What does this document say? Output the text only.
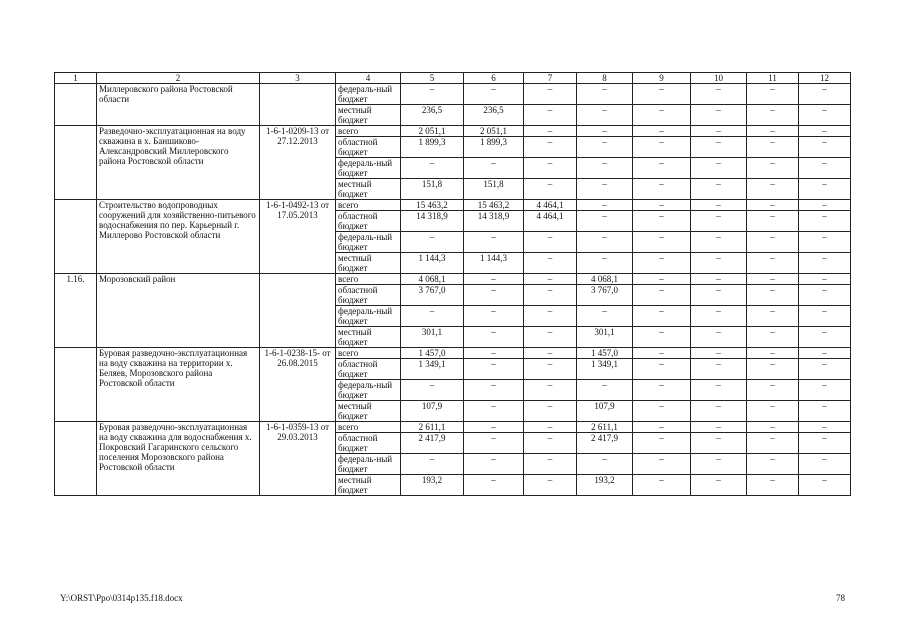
1	2	3	4	5	6	7	8	9	10	11	12
	Миллеровского района Ростовской области		федераль-ный бюджет	–	–	–	–	–	–	–	–
			местный бюджет	236,5	236,5	–	–	–	–	–	–
	Разведочно-эксплуатационная на воду скважина в х. Баншиково-Александровский Миллеровского района Ростовской области	1-6-1-0209-13 от 27.12.2013	всего	2 051,1	2 051,1	–	–	–	–	–	–
			областной бюджет	1 899,3	1 899,3	–	–	–	–	–	–
			федераль-ный бюджет	–	–	–	–	–	–	–	–
			местный бюджет	151,8	151,8	–	–	–	–	–	–
	Строительство водопроводных сооружений для хозяйственно-питьевого водоснабжения по пер. Карьерный г. Миллерово Ростовской области	1-6-1-0492-13 от 17.05.2013	всего	15 463,2	15 463,2	4 464,1	–	–	–	–	–
			областной бюджет	14 318,9	14 318,9	4 464,1	–	–	–	–	–
			федераль-ный бюджет	–	–	–	–	–	–	–	–
			местный бюджет	1 144,3	1 144,3	–	–	–	–	–	–
1.16.	Морозовский район		всего	4 068,1	–	–	4 068,1	–	–	–	–
			областной бюджет	3 767,0	–	–	3 767,0	–	–	–	–
			федераль-ный бюджет	–	–	–	–	–	–	–	–
			местный бюджет	301,1	–	–	301,1	–	–	–	–
	Буровая разведочно-эксплуатационная на воду скважина на территории х. Беляев, Морозовского района Ростовской области	1-6-1-0238-15- от 26.08.2015	всего	1 457,0	–	–	1 457,0	–	–	–	–
			областной бюджет	1 349,1	–	–	1 349,1	–	–	–	–
			федераль-ный бюджет	–	–	–	–	–	–	–	–
			местный бюджет	107,9	–	–	107,9	–	–	–	–
	Буровая разведочно-эксплуатационная на воду скважина для водоснабжения х. Покровский Гагаринского сельского поселения Морозовского района Ростовской области	1-6-1-0359-13 от 29.03.2013	всего	2 611,1	–	–	2 611,1	–	–	–	–
			областной бюджет	2 417,9	–	–	2 417,9	–	–	–	–
			федераль-ный бюджет	–	–	–	–	–	–	–	–
			местный бюджет	193,2	–	–	193,2	–	–	–	–
Y:\ORST\Ppo\0314p135.f18.docx	78
